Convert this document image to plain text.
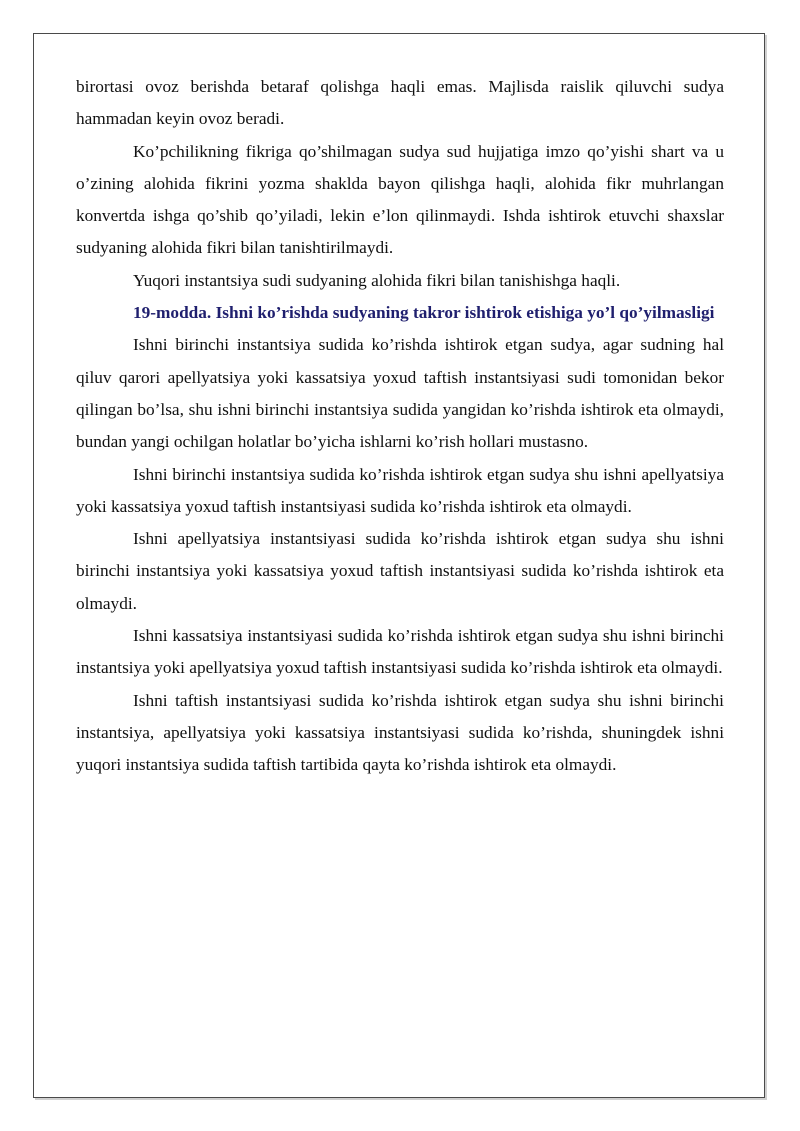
birortasi ovoz berishda betaraf qolishga haqli emas. Majlisda raislik qiluvchi sudya hammadan keyin ovoz beradi.

Ko’pchilikning fikriga qo’shilmagan sudya sud hujjatiga imzo qo’yishi shart va u o’zining alohida fikrini yozma shaklda bayon qilishga haqli, alohida fikr muhrlangan konvertda ishga qo’shib qo’yiladi, lekin e’lon qilinmaydi. Ishda ishtirok etuvchi shaxslar sudyaning alohida fikri bilan tanishtirilmaydi.

Yuqori instantsiya sudi sudyaning alohida fikri bilan tanishishga haqli.

19-modda. Ishni ko’rishda sudyaning takror ishtirok etishiga yo’l qo’yilmasligi

Ishni birinchi instantsiya sudida ko’rishda ishtirok etgan sudya, agar sudning hal qiluv qarori apellyatsiya yoki kassatsiya yoxud taftish instantsiyasi sudi tomonidan bekor qilingan bo’lsa, shu ishni birinchi instantsiya sudida yangidan ko’rishda ishtirok eta olmaydi, bundan yangi ochilgan holatlar bo’yicha ishlarni ko’rish hollari mustasno.

Ishni birinchi instantsiya sudida ko’rishda ishtirok etgan sudya shu ishni apellyatsiya yoki kassatsiya yoxud taftish instantsiyasi sudida ko’rishda ishtirok eta olmaydi.

Ishni apellyatsiya instantsiyasi sudida ko’rishda ishtirok etgan sudya shu ishni birinchi instantsiya yoki kassatsiya yoxud taftish instantsiyasi sudida ko’rishda ishtirok eta olmaydi.

Ishni kassatsiya instantsiyasi sudida ko’rishda ishtirok etgan sudya shu ishni birinchi instantsiya yoki apellyatsiya yoxud taftish instantsiyasi sudida ko’rishda ishtirok eta olmaydi.

Ishni taftish instantsiyasi sudida ko’rishda ishtirok etgan sudya shu ishni birinchi instantsiya, apellyatsiya yoki kassatsiya instantsiyasi sudida ko’rishda, shuningdek ishni yuqori instantsiya sudida taftish tartibida qayta ko’rishda ishtirok eta olmaydi.
